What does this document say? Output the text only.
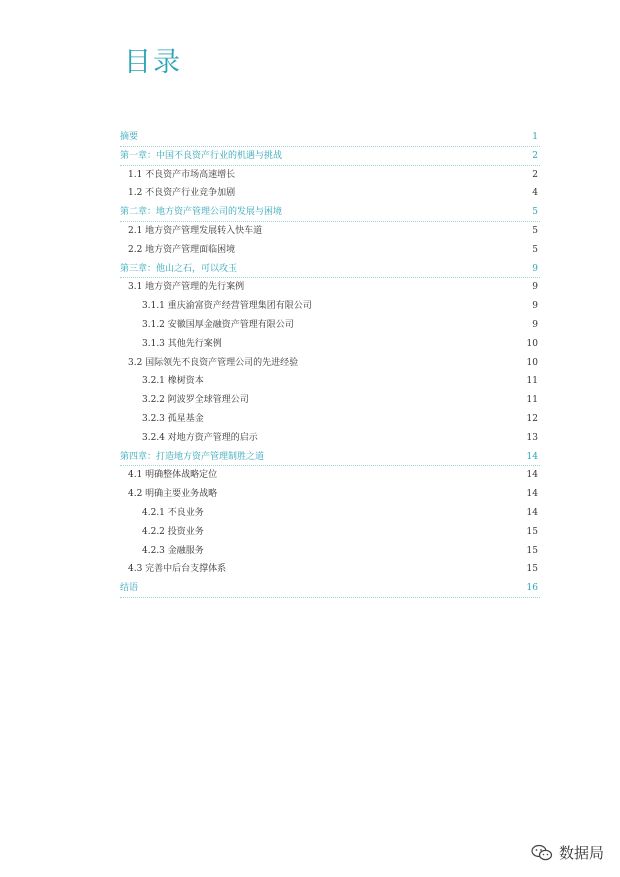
目录
摘要	1
第一章：中国不良资产行业的机遇与挑战	2
1.1 不良资产市场高速增长	2
1.2 不良资产行业竞争加剧	4
第二章：地方资产管理公司的发展与困境	5
2.1 地方资产管理发展转入快车道	5
2.2 地方资产管理面临困境	5
第三章：他山之石，可以攻玉	9
3.1 地方资产管理的先行案例	9
3.1.1 重庆渝富资产经营管理集团有限公司	9
3.1.2 安徽国厚金融资产管理有限公司	9
3.1.3 其他先行案例	10
3.2 国际领先不良资产管理公司的先进经验	10
3.2.1 橡树资本	11
3.2.2 阿波罗全球管理公司	11
3.2.3 孤星基金	12
3.2.4 对地方资产管理的启示	13
第四章：打造地方资产管理制胜之道	14
4.1 明确整体战略定位	14
4.2 明确主要业务战略	14
4.2.1 不良业务	14
4.2.2 投资业务	15
4.2.3 金融服务	15
4.3 完善中后台支撑体系	15
结语	16
数据局
